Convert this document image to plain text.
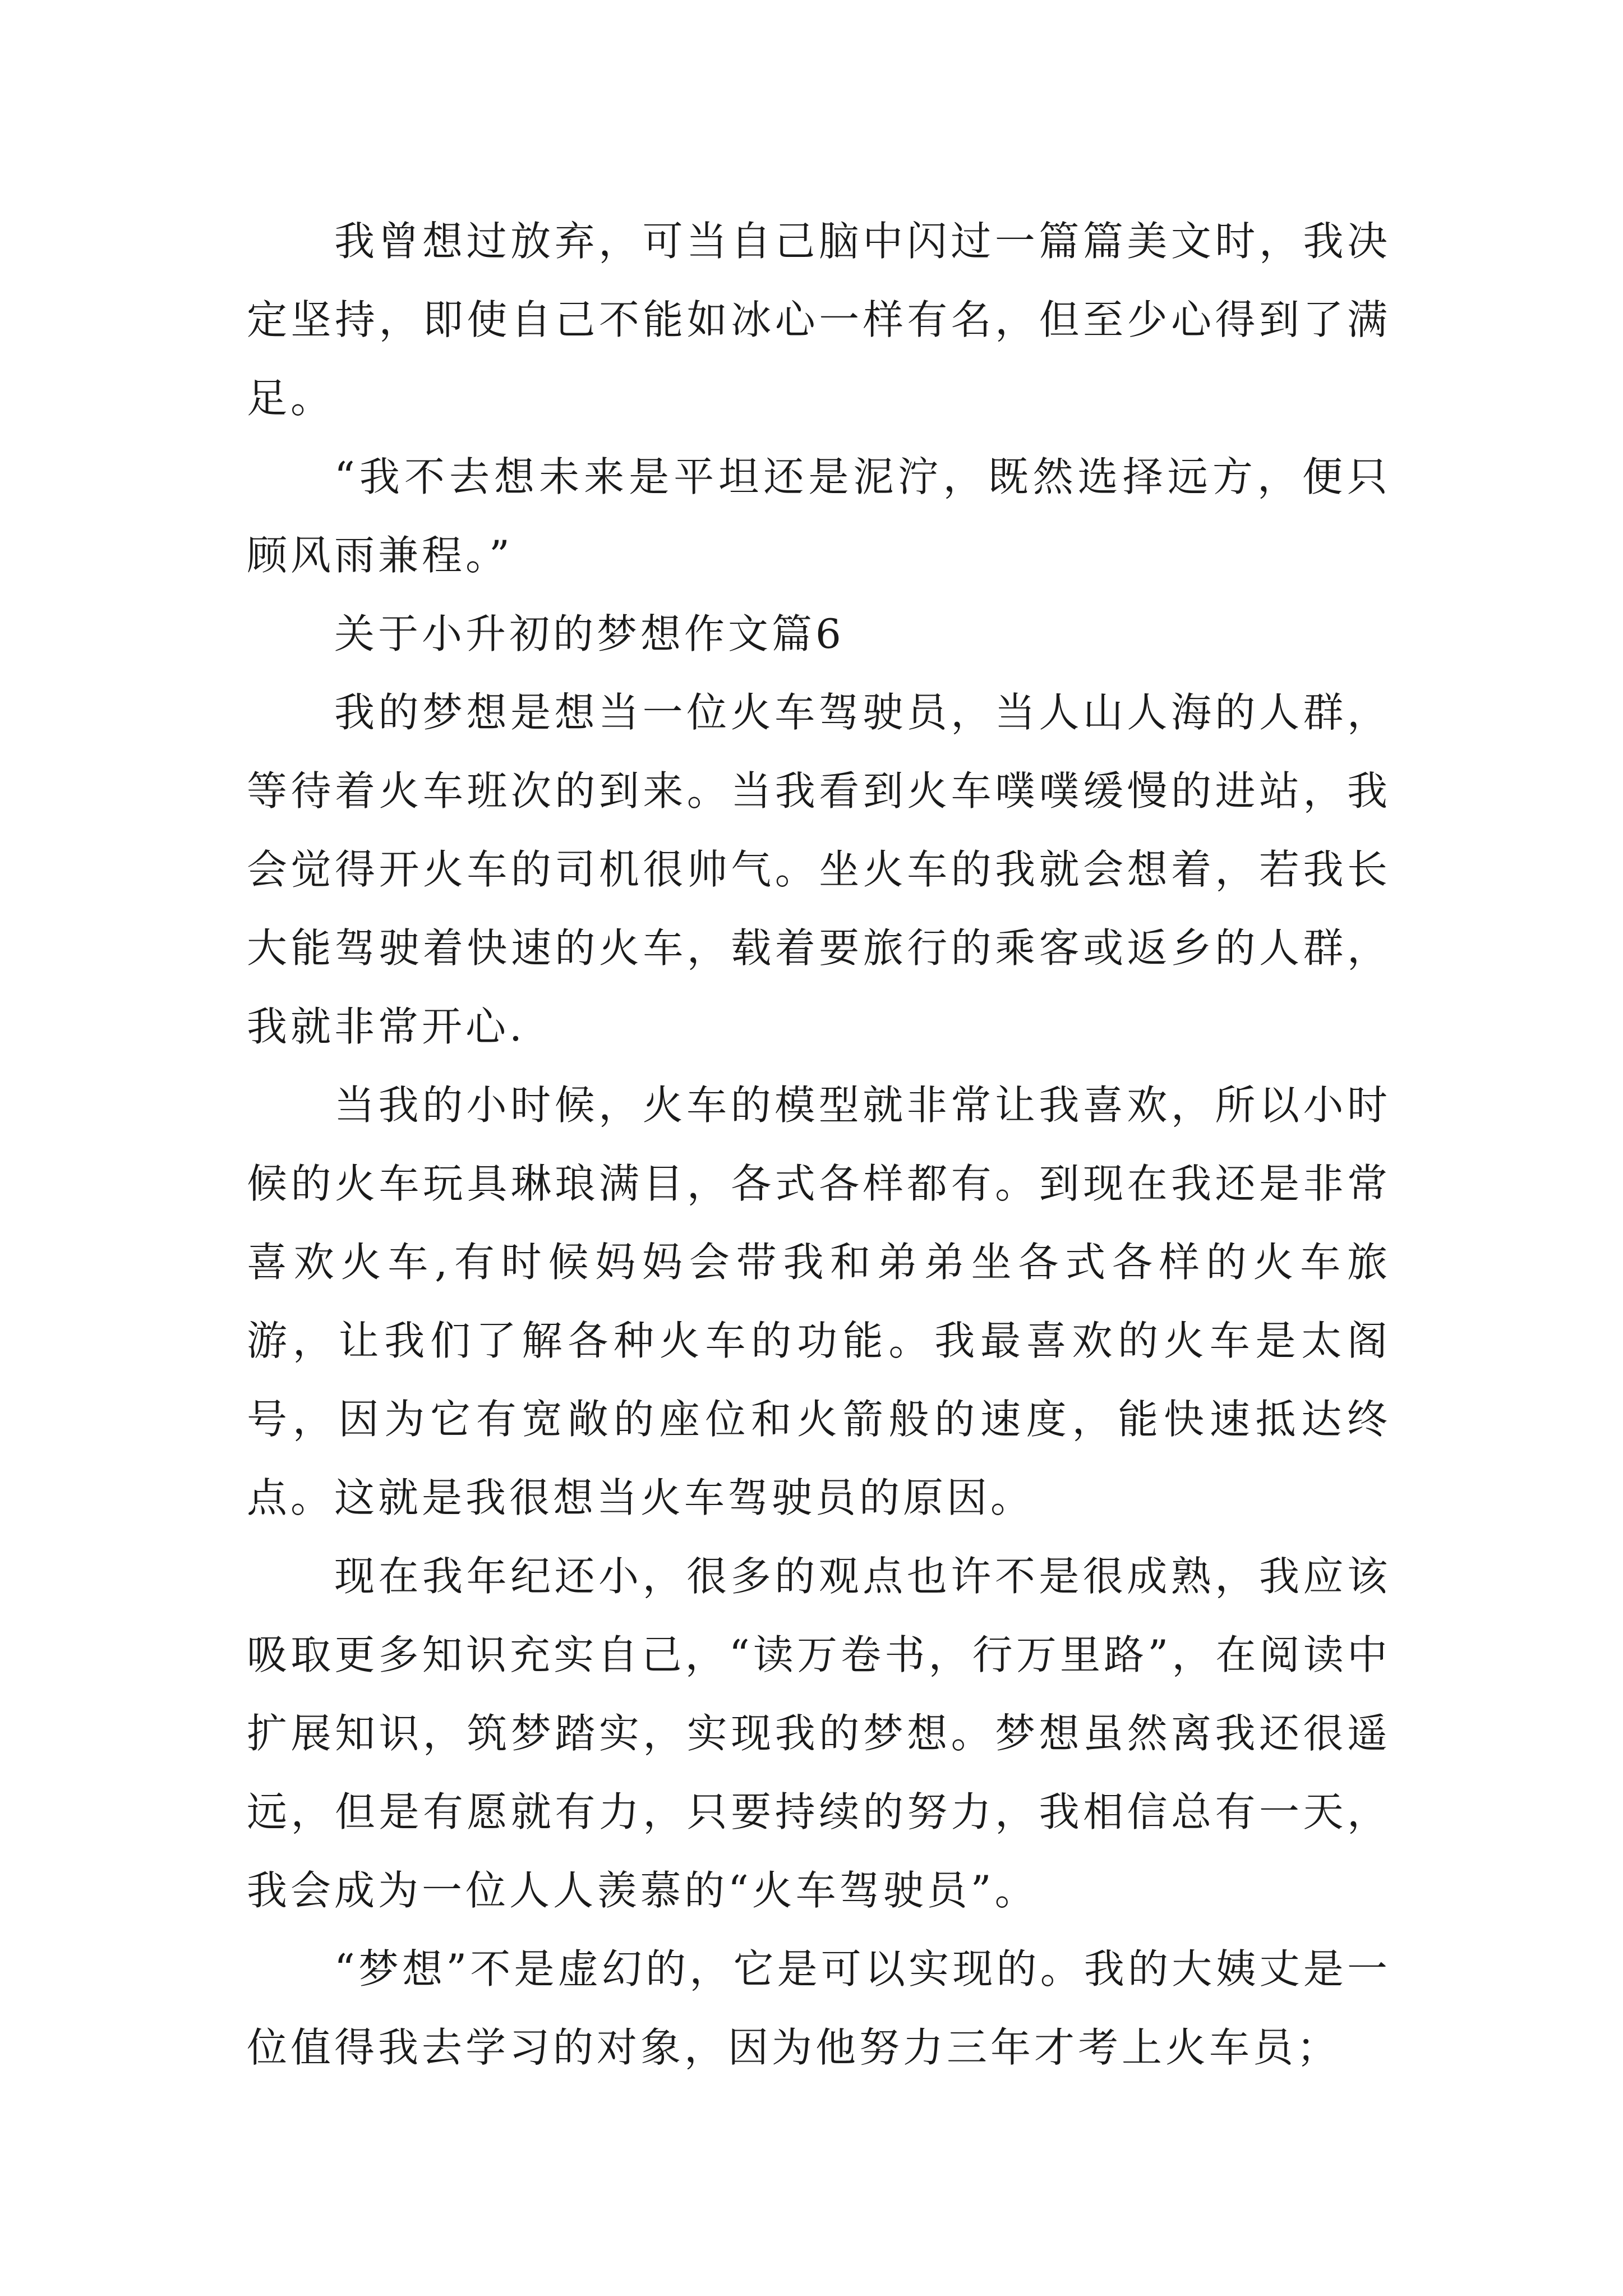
我曾想过放弃，可当自己脑中闪过一篇篇美文时，我决定坚持，即使自己不能如冰心一样有名，但至少心得到了满足。

“我不去想未来是平坦还是泥泞，既然选择远方，便只顾风雨兼程。”

关于小升初的梦想作文篇6

我的梦想是想当一位火车驾驶员，当人山人海的人群，等待着火车班次的到来。当我看到火车噗噗缓慢的进站，我会觉得开火车的司机很帅气。坐火车的我就会想着，若我长大能驾驶着快速的火车，载着要旅行的乘客或返乡的人群，我就非常开心.

当我的小时候，火车的模型就非常让我喜欢，所以小时候的火车玩具琳琅满目，各式各样都有。到现在我还是非常喜欢火车,有时候妈妈会带我和弟弟坐各式各样的火车旅游，让我们了解各种火车的功能。我最喜欢的火车是太阁号，因为它有宽敞的座位和火箭般的速度，能快速抵达终点。这就是我很想当火车驾驶员的原因。

现在我年纪还小，很多的观点也许不是很成熟，我应该吸取更多知识充实自己，“读万卷书，行万里路”，在阅读中扩展知识，筑梦踏实，实现我的梦想。梦想虽然离我还很遥远，但是有愿就有力，只要持续的努力，我相信总有一天，我会成为一位人人羡慕的“火车驾驶员”。

“梦想”不是虚幻的，它是可以实现的。我的大姨丈是一位值得我去学习的对象，因为他努力三年才考上火车员；
